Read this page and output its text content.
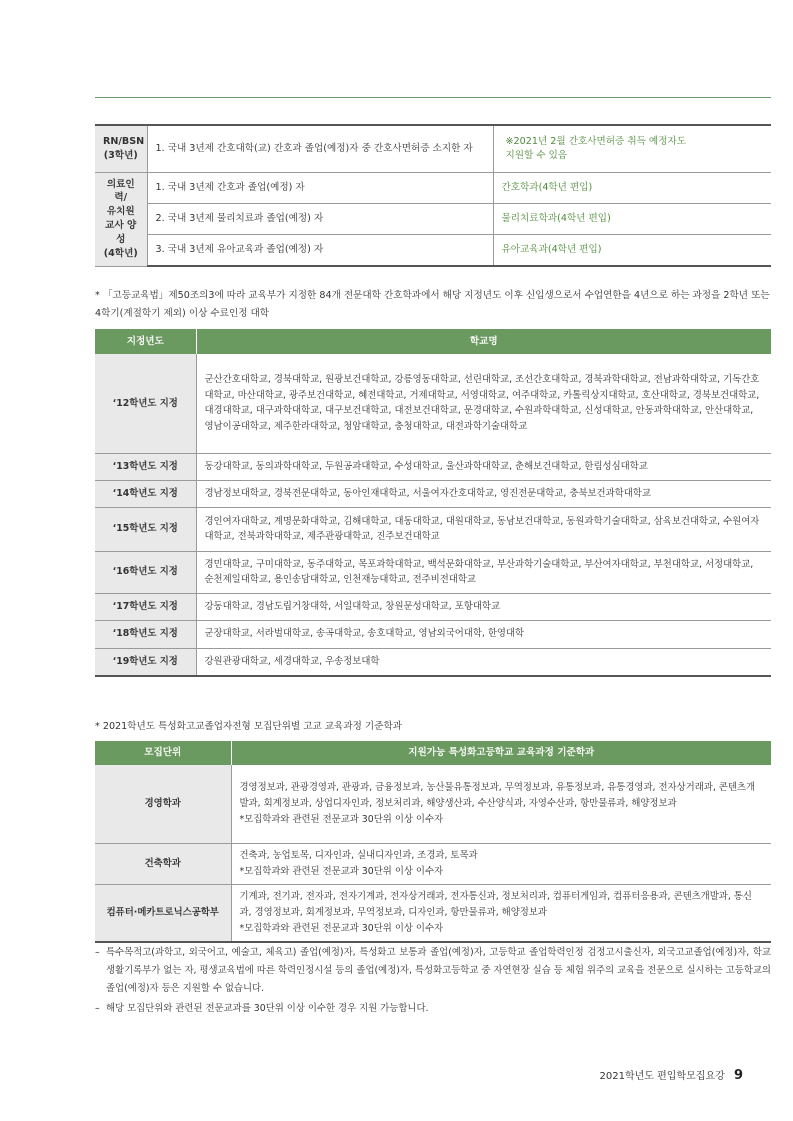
RN/BSN
(3학년)	1. 국내 3년제 간호대학(교) 간호과 졸업(예정)자 중 간호사면허증 소지한 자	※2021년 2월 간호사면허증 취득 예정자도
지원할 수 있음
의료인력/
유치원
교사 양성
(4학년)	1. 국내 3년제 간호과 졸업(예정) 자	간호학과(4학년 편입)
	2. 국내 3년제 물리치료과 졸업(예정) 자	물리치료학과(4학년 편입)
	3. 국내 3년제 유아교육과 졸업(예정) 자	유아교육과(4학년 편입)
* 「고등교육법」제50조의3에 따라 교육부가 지정한 84개 전문대학 간호학과에서 해당 지정년도 이후 신입생으로서 수업연한을 4년으로 하는 과정을 2학년 또는 4학기(계절학기 제외) 이상 수료인정 대학
지정년도	학교명
‘12학년도 지정	군산간호대학교, 경북대학교, 원광보건대학교, 강릉영동대학교, 선린대학교, 조선간호대학교, 경북과학대학교, 전남과학대학교, 기독간호대학교, 마산대학교, 광주보건대학교, 혜전대학교, 거제대학교, 서영대학교, 여주대학교, 카톨릭상지대학교, 호산대학교, 경북보건대학교, 대경대학교, 대구과학대학교, 대구보건대학교, 대전보건대학교, 문경대학교, 수원과학대학교, 신성대학교, 안동과학대학교, 안산대학교, 영남이공대학교, 제주한라대학교, 청암대학교, 충청대학교, 대전과학기술대학교
‘13학년도 지정	동강대학교, 동의과학대학교, 두원공과대학교, 수성대학교, 울산과학대학교, 춘해보건대학교, 한림성심대학교
‘14학년도 지정	경남정보대학교, 경북전문대학교, 동아인재대학교, 서울여자간호대학교, 영진전문대학교, 충북보건과학대학교
‘15학년도 지정	경인여자대학교, 계명문화대학교, 김해대학교, 대동대학교, 대원대학교, 동남보건대학교, 동원과학기술대학교, 삼육보건대학교, 수원여자대학교, 전북과학대학교, 제주관광대학교, 진주보건대학교
‘16학년도 지정	경민대학교, 구미대학교, 동주대학교, 목포과학대학교, 백석문화대학교, 부산과학기술대학교, 부산여자대학교, 부천대학교, 서정대학교, 순천제일대학교, 용인송담대학교, 인천재능대학교, 전주비전대학교
‘17학년도 지정	강동대학교, 경남도립거창대학, 서일대학교, 창원문성대학교, 포항대학교
‘18학년도 지정	군장대학교, 서라벌대학교, 송곡대학교, 송호대학교, 영남외국어대학, 한영대학
‘19학년도 지정	강원관광대학교, 세경대학교, 우송정보대학
* 2021학년도 특성화고교졸업자전형 모집단위별 고교 교육과정 기준학과
모집단위	지원가능 특성화고등학교 교육과정 기준학과
경영학과	경영정보과, 관광경영과, 관광과, 금융정보과, 농산물유통정보과, 무역정보과, 유통정보과, 유통경영과, 전자상거래과, 콘텐츠개발과, 회계정보과, 상업디자인과, 정보처리과, 해양생산과, 수산양식과, 자영수산과, 항만물류과, 해양정보과
*모집학과와 관련된 전문교과 30단위 이상 이수자

건축학과	건축과, 농업토목, 디자인과, 실내디자인과, 조경과, 토목과
*모집학과와 관련된 전문교과 30단위 이상 이수자

컴퓨터·메카트로닉스공학부	기계과, 전기과, 전자과, 전자기계과, 전자상거래과, 전자통신과, 정보처리과, 컴퓨터게임과, 컴퓨터응용과, 콘텐츠개발과, 통신과, 경영정보과, 회계정보과, 무역정보과, 디자인과, 항만물류과, 해양정보과
*모집학과와 관련된 전문교과 30단위 이상 이수자
– 특수목적고(과학고, 외국어고, 예술고, 체육고) 졸업(예정)자, 특성화고 보통과 졸업(예정)자, 고등학교 졸업학력인정 검정고시출신자, 외국고교졸업(예정)자, 학교생활기록부가 없는 자, 평생교육법에 따른 학력인정시설 등의 졸업(예정)자, 특성화고등학교 중 자연현장 실습 등 체험 위주의 교육을 전문으로 실시하는 고등학교의 졸업(예정)자 등은 지원할 수 없습니다.
– 해당 모집단위와 관련된 전문교과를 30단위 이상 이수한 경우 지원 가능합니다.
2021학년도 편입학모집요강 9
